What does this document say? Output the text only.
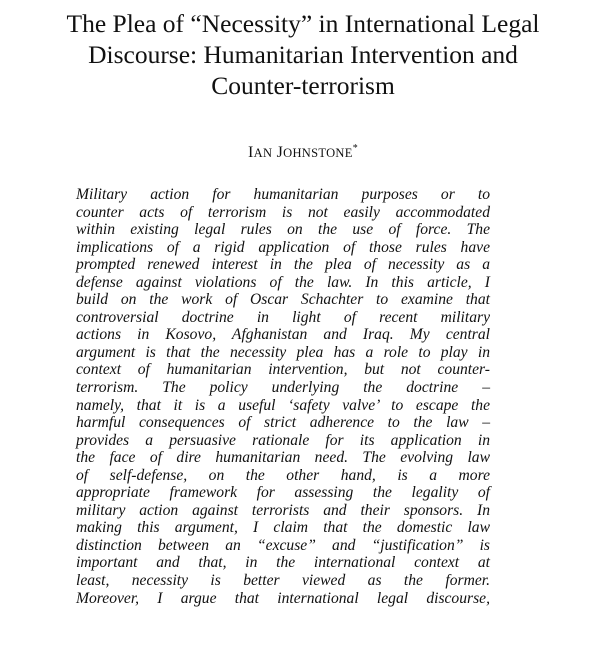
The Plea of “Necessity” in International Legal
Discourse: Humanitarian Intervention and
Counter-terrorism
IAN JOHNSTONE*
Military action for humanitarian purposes or to
counter acts of terrorism is not easily accommodated
within existing legal rules on the use of force. The
implications of a rigid application of those rules have
prompted renewed interest in the plea of necessity as a
defense against violations of the law. In this article, I
build on the work of Oscar Schachter to examine that
controversial doctrine in light of recent military
actions in Kosovo, Afghanistan and Iraq. My central
argument is that the necessity plea has a role to play in
context of humanitarian intervention, but not counter-
terrorism. The policy underlying the doctrine –
namely, that it is a useful ‘safety valve’ to escape the
harmful consequences of strict adherence to the law –
provides a persuasive rationale for its application in
the face of dire humanitarian need. The evolving law
of self-defense, on the other hand, is a more
appropriate framework for assessing the legality of
military action against terrorists and their sponsors. In
making this argument, I claim that the domestic law
distinction between an “excuse” and “justification” is
important and that, in the international context at
least, necessity is better viewed as the former.
Moreover, I argue that international legal discourse,
